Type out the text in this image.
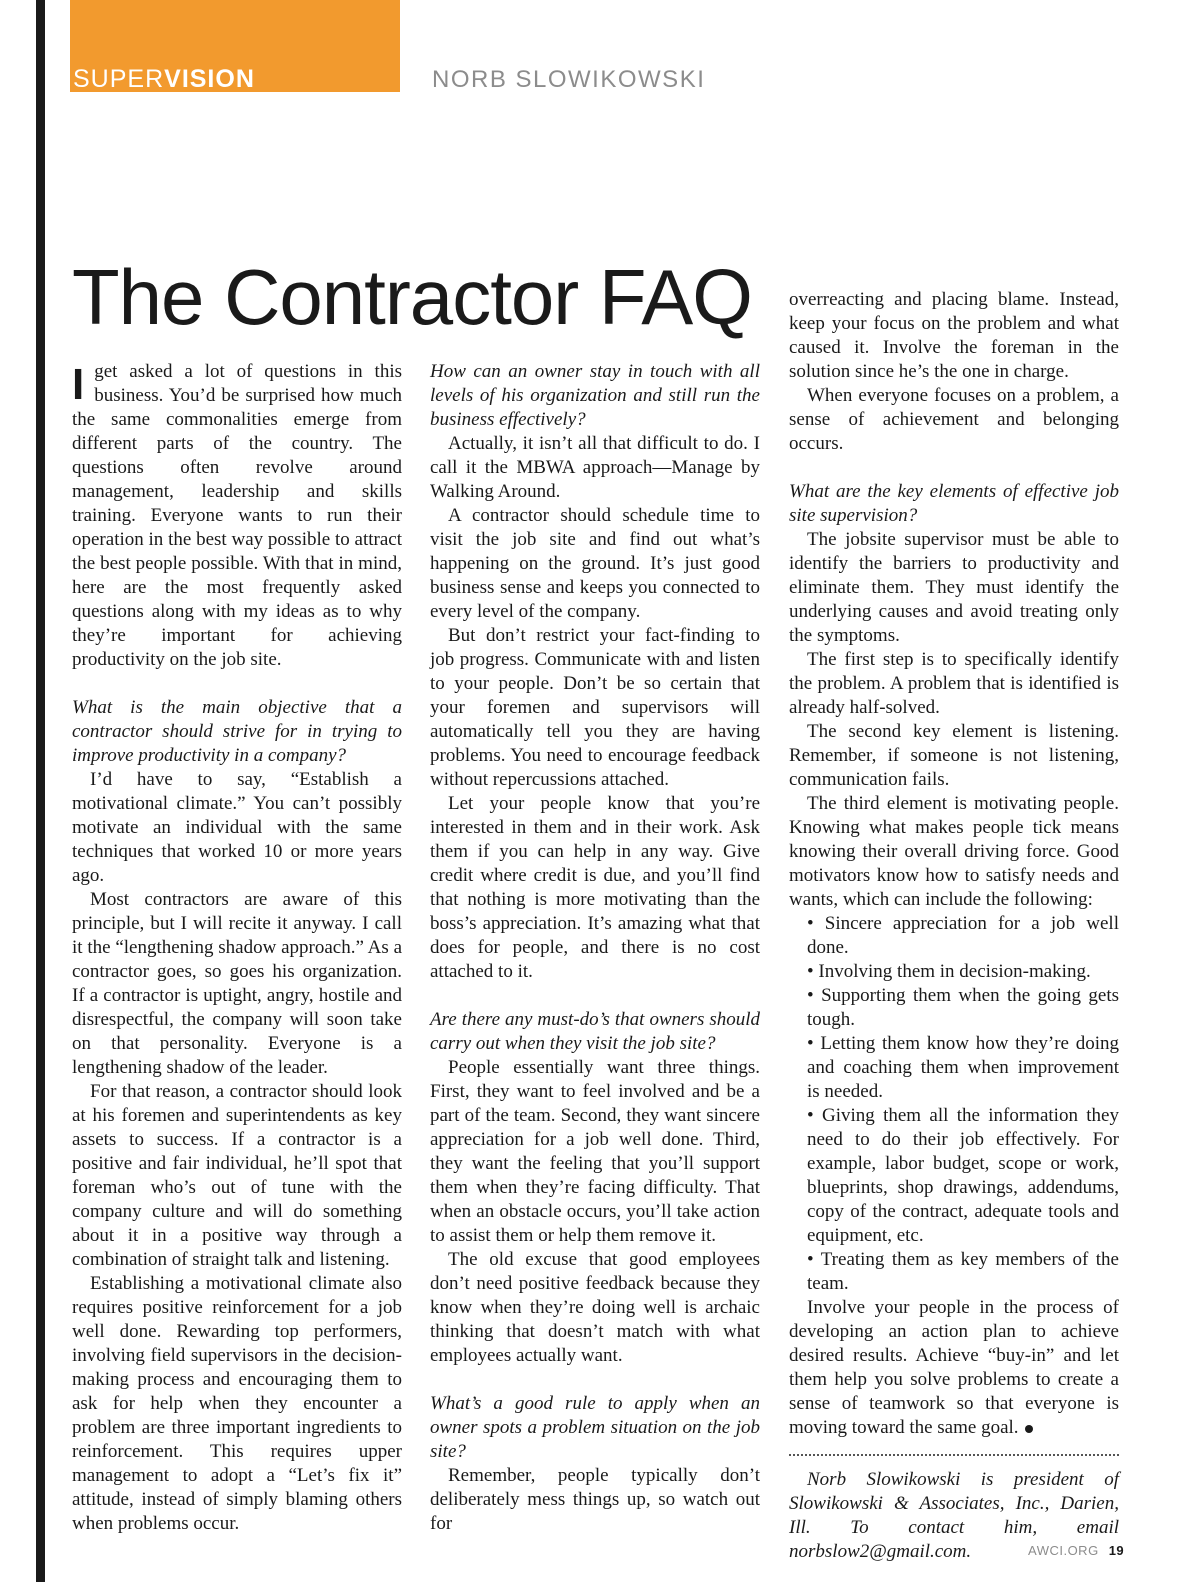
SUPERVISION	NORB SLOWIKOWSKI

The Contractor FAQ

I get asked a lot of questions in this business. You’d be surprised how much the same commonalities emerge from different parts of the country. The questions often revolve around management, leadership and skills training. Everyone wants to run their operation in the best way possible to attract the best people possible. With that in mind, here are the most frequently asked questions along with my ideas as to why they’re important for achieving productivity on the job site.

What is the main objective that a contractor should strive for in trying to improve productivity in a company?

I’d have to say, “Establish a motivational climate.” You can’t possibly motivate an individual with the same techniques that worked 10 or more years ago.

Most contractors are aware of this principle, but I will recite it anyway. I call it the “lengthening shadow approach.” As a contractor goes, so goes his organization. If a contractor is uptight, angry, hostile and disrespectful, the company will soon take on that personality. Everyone is a lengthening shadow of the leader.

For that reason, a contractor should look at his foremen and superintendents as key assets to success. If a contractor is a positive and fair individual, he’ll spot that foreman who’s out of tune with the company culture and will do something about it in a positive way through a combination of straight talk and listening.

Establishing a motivational climate also requires positive reinforcement for a job well done. Rewarding top performers, involving field supervisors in the decision-making process and encouraging them to ask for help when they encounter a problem are three important ingredients to reinforcement. This requires upper management to adopt a “Let’s fix it” attitude, instead of simply blaming others when problems occur.

How can an owner stay in touch with all levels of his organization and still run the business effectively?

Actually, it isn’t all that difficult to do. I call it the MBWA approach—Manage by Walking Around.

A contractor should schedule time to visit the job site and find out what’s happening on the ground. It’s just good business sense and keeps you connected to every level of the company.

But don’t restrict your fact-finding to job progress. Communicate with and listen to your people. Don’t be so certain that your foremen and supervisors will automatically tell you they are having problems. You need to encourage feedback without repercussions attached.

Let your people know that you’re interested in them and in their work. Ask them if you can help in any way. Give credit where credit is due, and you’ll find that nothing is more motivating than the boss’s appreciation. It’s amazing what that does for people, and there is no cost attached to it.

Are there any must-do’s that owners should carry out when they visit the job site?

People essentially want three things. First, they want to feel involved and be a part of the team. Second, they want sincere appreciation for a job well done. Third, they want the feeling that you’ll support them when they’re facing difficulty. That when an obstacle occurs, you’ll take action to assist them or help them remove it.

The old excuse that good employees don’t need positive feedback because they know when they’re doing well is archaic thinking that doesn’t match with what employees actually want.

What’s a good rule to apply when an owner spots a problem situation on the job site?

Remember, people typically don’t deliberately mess things up, so watch out for

overreacting and placing blame. Instead, keep your focus on the problem and what caused it. Involve the foreman in the solution since he’s the one in charge.

When everyone focuses on a problem, a sense of achievement and belonging occurs.

What are the key elements of effective job site supervision?

The jobsite supervisor must be able to identify the barriers to productivity and eliminate them. They must identify the underlying causes and avoid treating only the symptoms.

The first step is to specifically identify the problem. A problem that is identified is already half-solved.

The second key element is listening. Remember, if someone is not listening, communication fails.

The third element is motivating people. Knowing what makes people tick means knowing their overall driving force. Good motivators know how to satisfy needs and wants, which can include the following:

• Sincere appreciation for a job well done.

• Involving them in decision-making.

• Supporting them when the going gets tough.

• Letting them know how they’re doing and coaching them when improvement is needed.

• Giving them all the information they need to do their job effectively. For example, labor budget, scope or work, blueprints, shop drawings, addendums, copy of the contract, adequate tools and equipment, etc.

• Treating them as key members of the team.

Involve your people in the process of developing an action plan to achieve desired results. Achieve “buy-in” and let them help you solve problems to create a sense of teamwork so that everyone is moving toward the same goal.

Norb Slowikowski is president of Slowikowski & Associates, Inc., Darien, Ill. To contact him, email norbslow2@gmail.com.	AWCI.ORG 19
